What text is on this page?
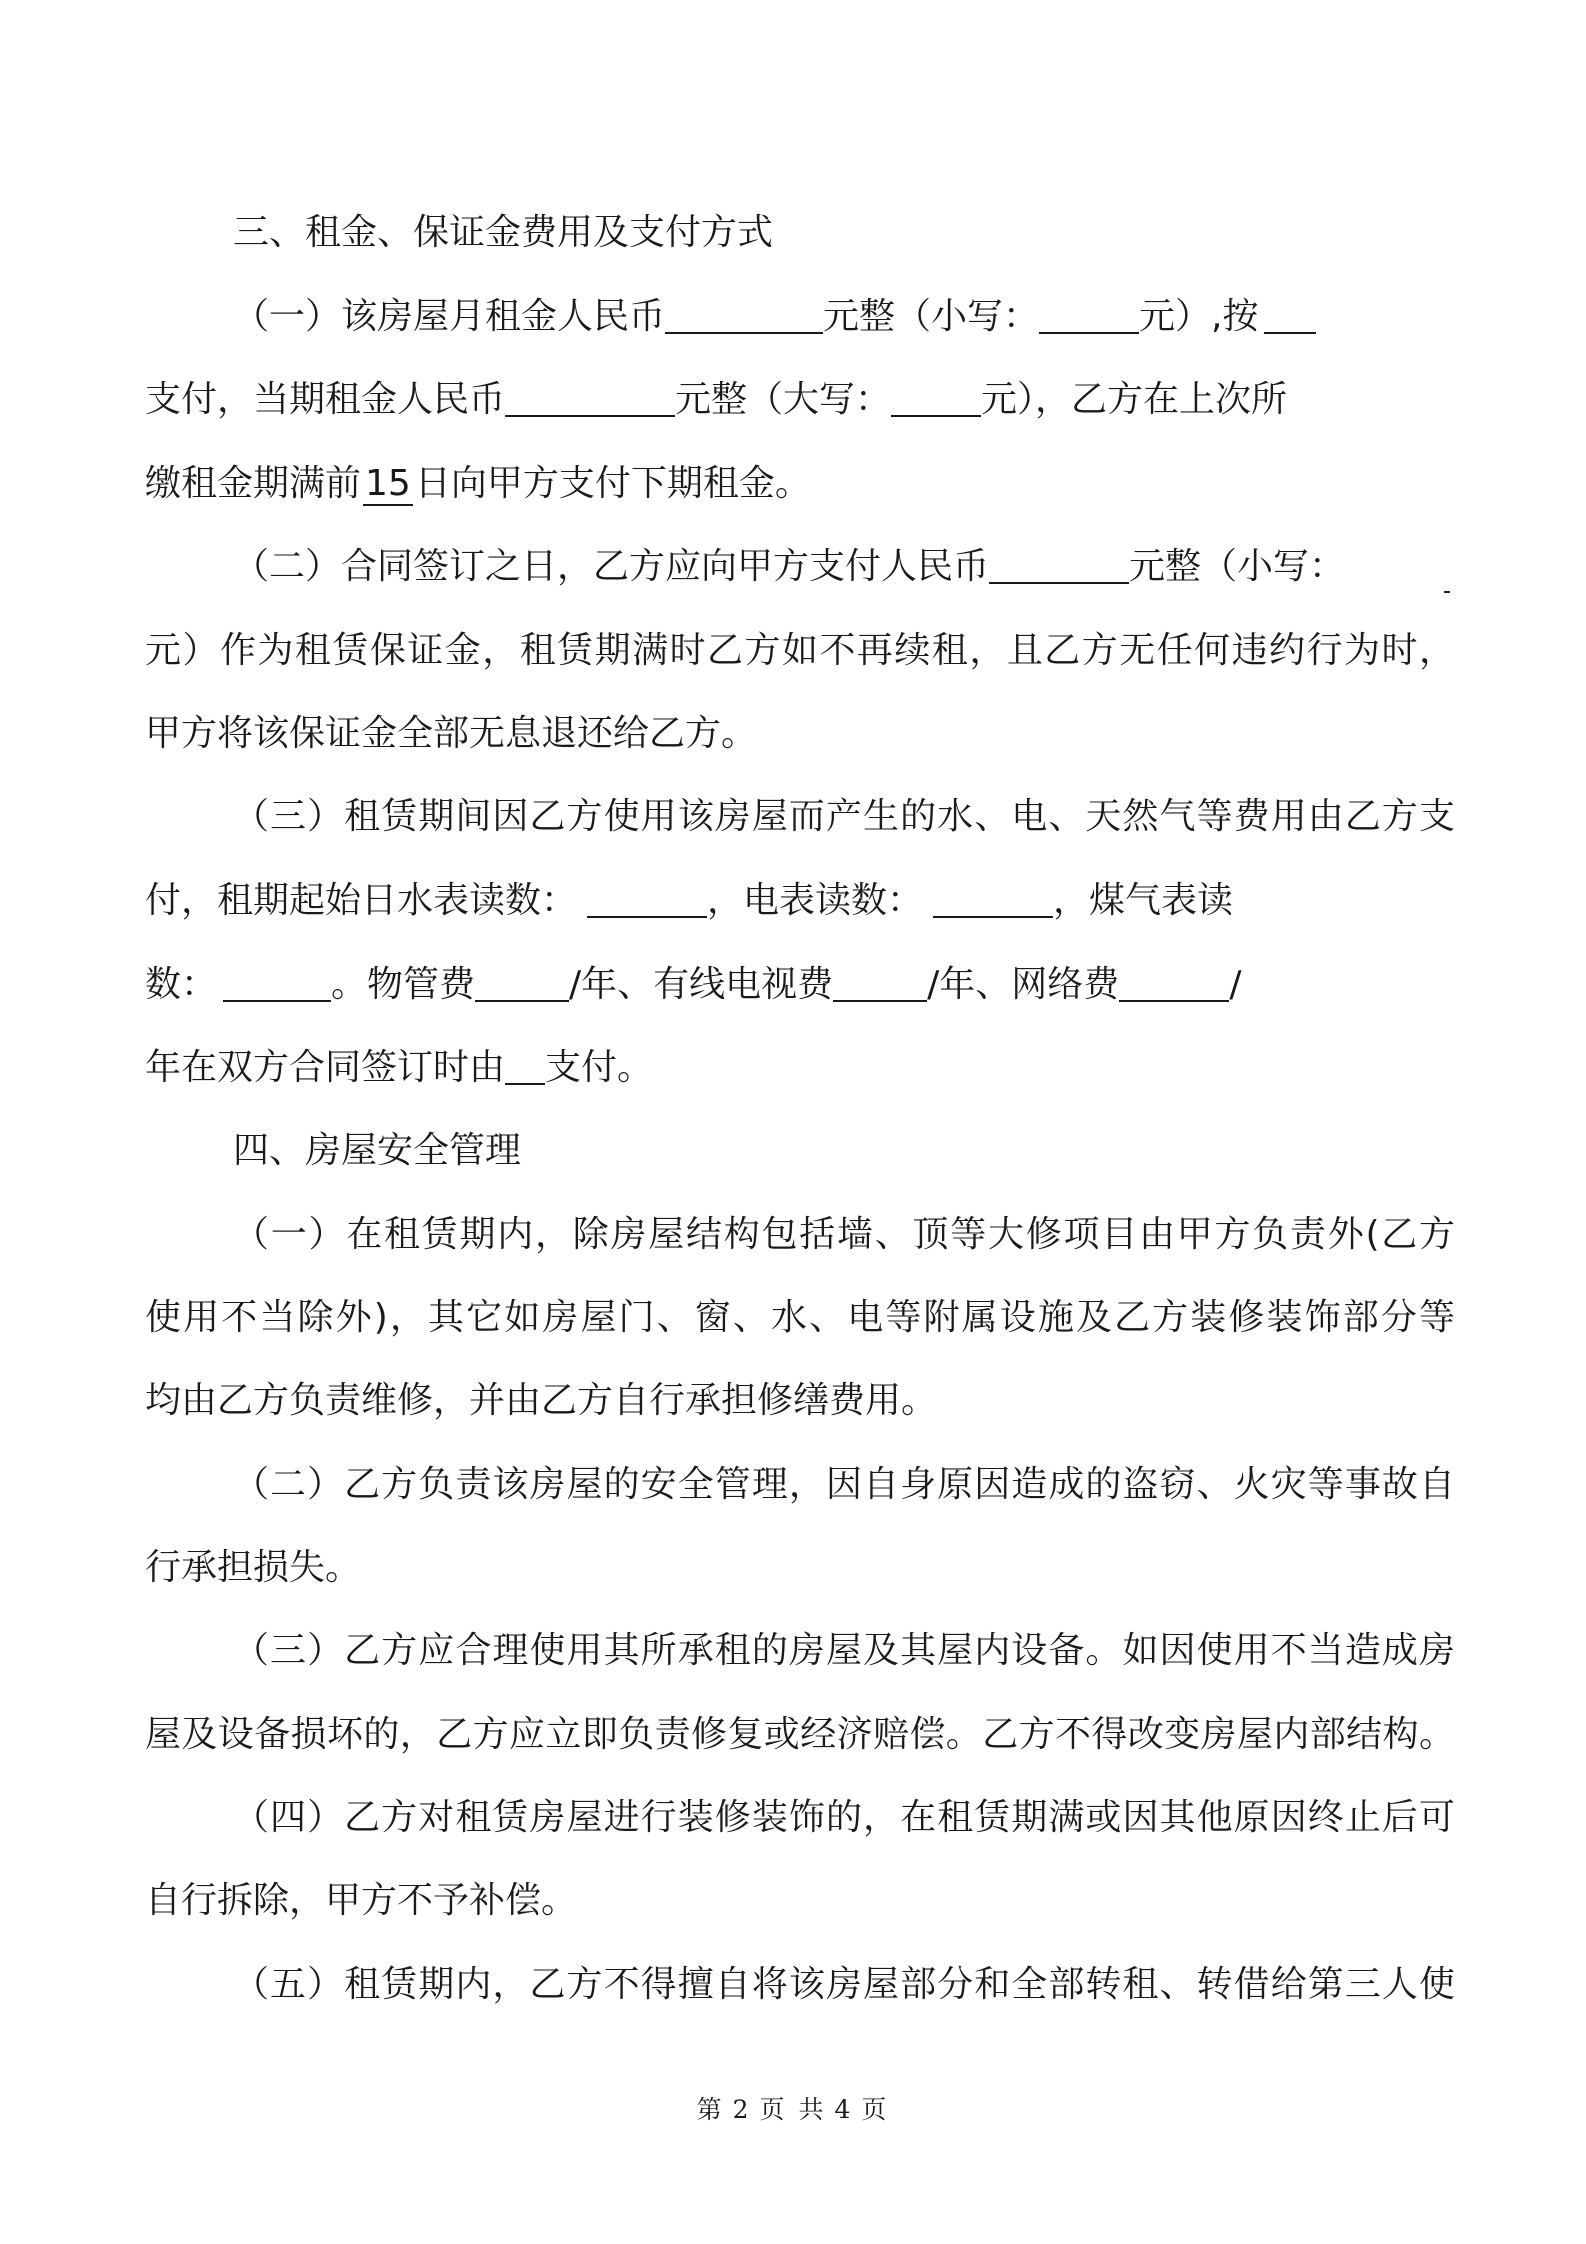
三、租金、保证金费用及支付方式
（一）该房屋月租金人民币	元整（小写：	元）,按
支付，当期租金人民币	元整（大写：	元），乙方在上次所
缴租金期满前 15 日向甲方支付下期租金。
（二）合同签订之日，乙方应向甲方支付人民币	元整（小写：
元）作为租赁保证金，租赁期满时乙方如不再续租，且乙方无任何违约行为时，
甲方将该保证金全部无息退还给乙方。
（三）租赁期间因乙方使用该房屋而产生的水、电、天然气等费用由乙方支
付，租期起始日水表读数：	，电表读数：	，煤气表读
数：	。物管费	/年、有线电视费	/年、网络费	/
年在双方合同签订时由 支付。
四、房屋安全管理
（一）在租赁期内，除房屋结构包括墙、顶等大修项目由甲方负责外(乙方
使用不当除外)，其它如房屋门、窗、水、电等附属设施及乙方装修装饰部分等
均由乙方负责维修，并由乙方自行承担修缮费用。
（二）乙方负责该房屋的安全管理，因自身原因造成的盗窃、火灾等事故自
行承担损失。
（三）乙方应合理使用其所承租的房屋及其屋内设备。如因使用不当造成房
屋及设备损坏的，乙方应立即负责修复或经济赔偿。乙方不得改变房屋内部结构。
（四）乙方对租赁房屋进行装修装饰的，在租赁期满或因其他原因终止后可
自行拆除，甲方不予补偿。
（五）租赁期内，乙方不得擅自将该房屋部分和全部转租、转借给第三人使
第 2 页 共 4 页
